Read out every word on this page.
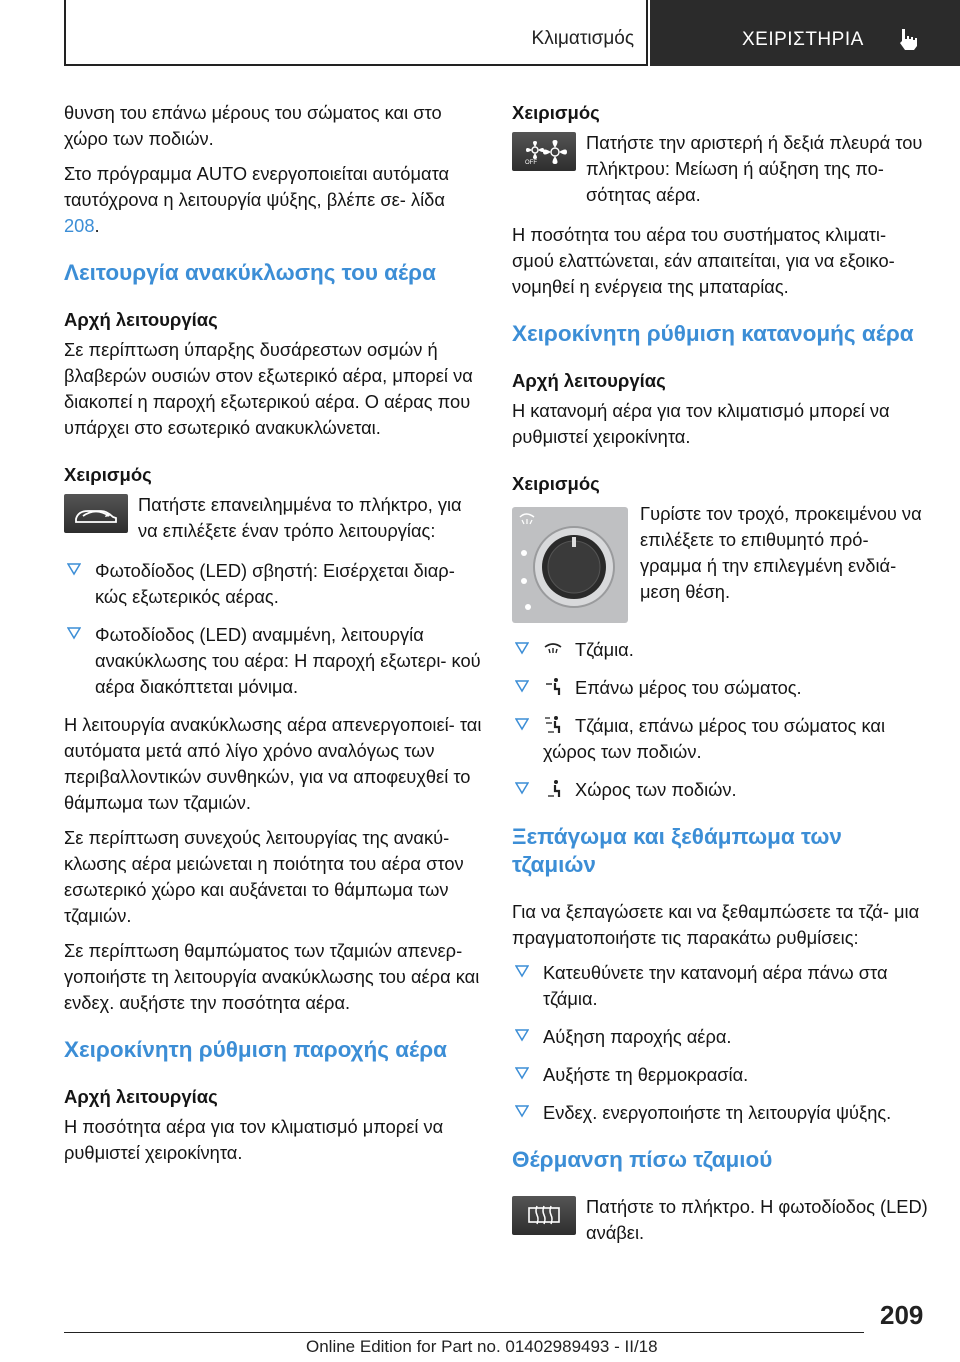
Κλιματισμός	ΧΕΙΡΙΣΤΗΡΙΑ

θυνση του επάνω μέρους του σώματος και στο χώρο των ποδιών.

Στο πρόγραμμα AUTO ενεργοποιείται αυτόματα ταυτόχρονα η λειτουργία ψύξης, βλέπε σε- λίδα 208.

Λειτουργία ανακύκλωσης του αέρα
Αρχή λειτουργίας

Σε περίπτωση ύπαρξης δυσάρεστων οσμών ή βλαβερών ουσιών στον εξωτερικό αέρα, μπορεί να διακοπεί η παροχή εξωτερικού αέρα. Ο αέρας που υπάρχει στο εσωτερικό ανακυκλώνεται.

Χειρισμός
Πατήστε επανειλημμένα το πλήκτρο, για να επιλέξετε έναν τρόπο λειτουργίας:
Φωτοδίοδος (LED) σβηστή: Εισέρχεται διαρ- κώς εξωτερικός αέρας.
Φωτοδίοδος (LED) αναμμένη, λειτουργία ανακύκλωσης του αέρα: Η παροχή εξωτερι- κού αέρα διακόπτεται μόνιμα.

Η λειτουργία ανακύκλωσης αέρα απενεργοποιεί- ται αυτόματα μετά από λίγο χρόνο αναλόγως των περιβαλλοντικών συνθηκών, για να αποφευχθεί το θάμπωμα των τζαμιών.

Σε περίπτωση συνεχούς λειτουργίας της ανακύ- κλωσης αέρα μειώνεται η ποιότητα του αέρα στον εσωτερικό χώρο και αυξάνεται το θάμπωμα των τζαμιών.

Σε περίπτωση θαμπώματος των τζαμιών απενερ- γοποιήστε τη λειτουργία ανακύκλωσης του αέρα και ενδεχ. αυξήστε την ποσότητα αέρα.

Χειροκίνητη ρύθμιση παροχής αέρα
Αρχή λειτουργίας

Η ποσότητα αέρα για τον κλιματισμό μπορεί να ρυθμιστεί χειροκίνητα.

Χειρισμός
OFF
Πατήστε την αριστερή ή δεξιά πλευρά του πλήκτρου: Μείωση ή αύξηση της πο- σότητας αέρα.

Η ποσότητα του αέρα του συστήματος κλιματι- σμού ελαττώνεται, εάν απαιτείται, για να εξοικο- νομηθεί η ενέργεια της μπαταρίας.

Χειροκίνητη ρύθμιση κατανομής αέρα
Αρχή λειτουργίας

Η κατανομή αέρα για τον κλιματισμό μπορεί να ρυθμιστεί χειροκίνητα.

Χειρισμός
Γυρίστε τον τροχό, προκειμένου να επιλέξετε το επιθυμητό πρό- γραμμα ή την επιλεγμένη ενδιά- μεση θέση.
Τζάμια.
Επάνω μέρος του σώματος.
Τζάμια, επάνω μέρος του σώματος και χώρος των ποδιών.
Χώρος των ποδιών.
Ξεπάγωμα και ξεθάμπωμα των τζαμιών

Για να ξεπαγώσετε και να ξεθαμπώσετε τα τζά- μια πραγματοποιήστε τις παρακάτω ρυθμίσεις:

Κατευθύνετε την κατανομή αέρα πάνω στα τζάμια.
Αύξηση παροχής αέρα.
Αυξήστε τη θερμοκρασία.
Ενδεχ. ενεργοποιήστε τη λειτουργία ψύξης.
Θέρμανση πίσω τζαμιού
Πατήστε το πλήκτρο. Η φωτοδίοδος (LED) ανάβει.
209
Online Edition for Part no. 01402989493 - II/18
